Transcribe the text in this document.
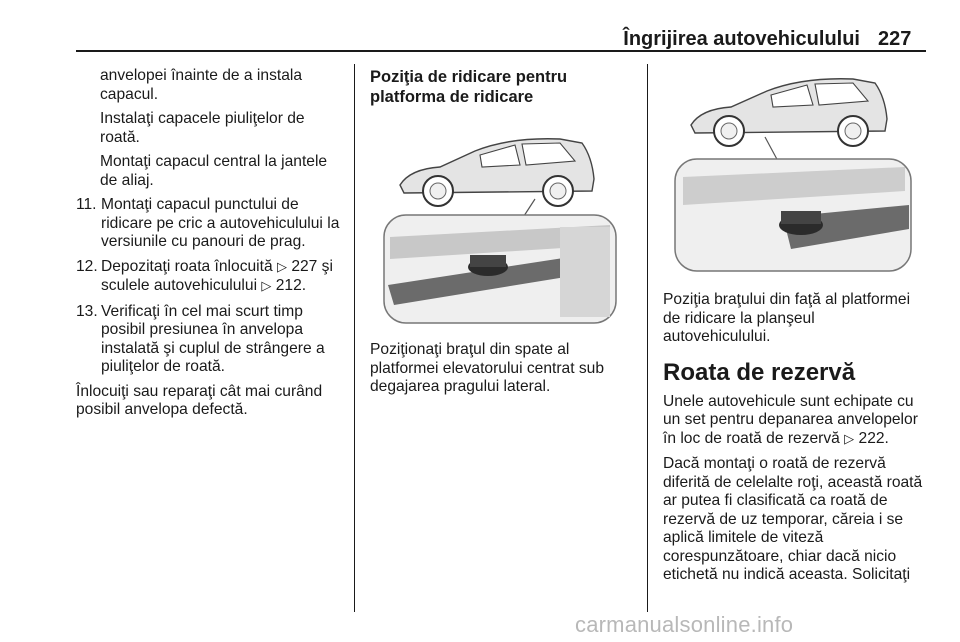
Îngrijirea autovehiculului 227

anvelopei înainte de a instala capacul.

Instalaţi capacele piuliţelor de roată.

Montaţi capacul central la jantele de aliaj.

11. Montaţi capacul punctului de ridicare pe cric a autovehiculului la versiunile cu panouri de prag.
12. Depozitaţi roata înlocuită ▷ 227 şi sculele autovehiculului ▷ 212.
13. Verificaţi în cel mai scurt timp posibil presiunea în anvelopa instalată şi cuplul de strângere a piuliţelor de roată.

Înlocuiţi sau reparaţi cât mai curând posibil anvelopa defectă.

Poziţia de ridicare pentru platforma de ridicare

Poziţionaţi braţul din spate al platformei elevatorului centrat sub degajarea pragului lateral.

Poziţia braţului din faţă al platformei de ridicare la planşeul autovehiculului.

Roata de rezervă

Unele autovehicule sunt echipate cu un set pentru depanarea anvelopelor în loc de roată de rezervă ▷ 222.

Dacă montaţi o roată de rezervă diferită de celelalte roţi, această roată ar putea fi clasificată ca roată de rezervă de uz temporar, căreia i se aplică limitele de viteză corespunzătoare, chiar dacă nicio etichetă nu indică aceasta. Solicitaţi

carmanualsonline.info
